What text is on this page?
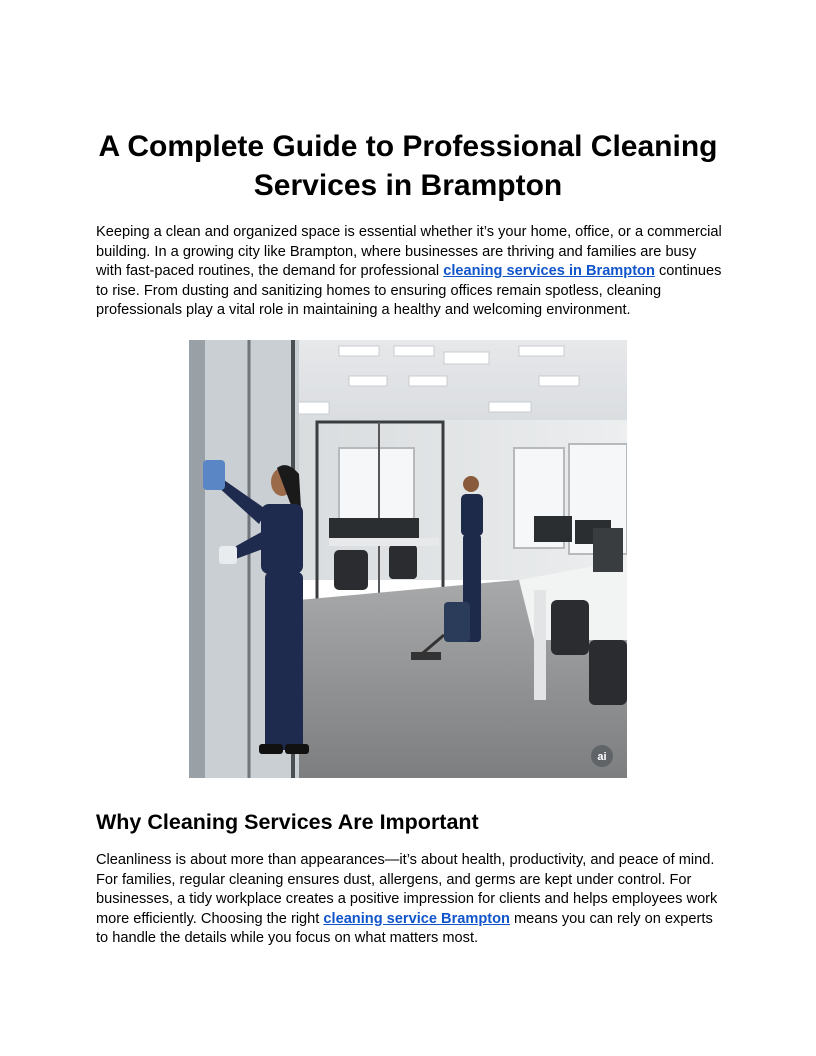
A Complete Guide to Professional Cleaning Services in Brampton

Keeping a clean and organized space is essential whether it’s your home, office, or a commercial building. In a growing city like Brampton, where businesses are thriving and families are busy with fast-paced routines, the demand for professional cleaning services in Brampton continues to rise. From dusting and sanitizing homes to ensuring offices remain spotless, cleaning professionals play a vital role in maintaining a healthy and welcoming environment.

ai
Why Cleaning Services Are Important

Cleanliness is about more than appearances—it’s about health, productivity, and peace of mind. For families, regular cleaning ensures dust, allergens, and germs are kept under control. For businesses, a tidy workplace creates a positive impression for clients and helps employees work more efficiently. Choosing the right cleaning service Brampton means you can rely on experts to handle the details while you focus on what matters most.
